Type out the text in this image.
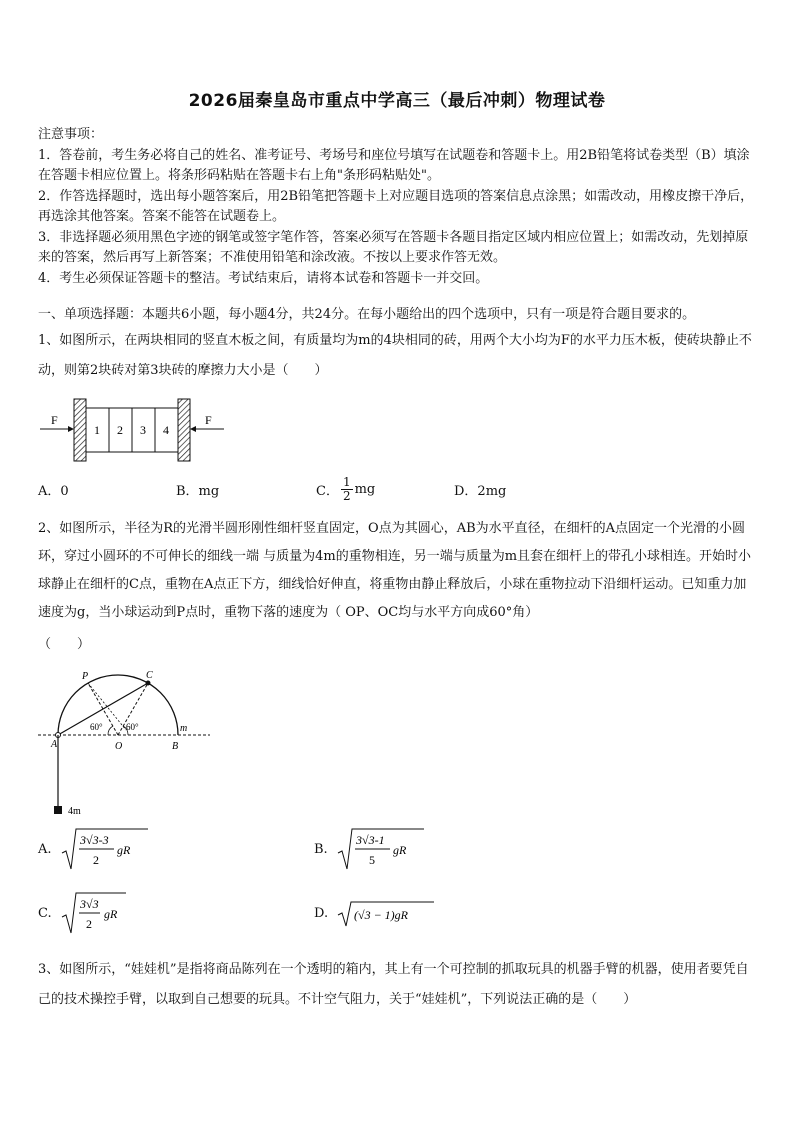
2026届秦皇岛市重点中学高三（最后冲刺）物理试卷

注意事项：

1．答卷前，考生务必将自己的姓名、准考证号、考场号和座位号填写在试题卷和答题卡上。用2B铅笔将试卷类型（B）填涂在答题卡相应位置上。将条形码粘贴在答题卡右上角"条形码粘贴处"。

2．作答选择题时，选出每小题答案后，用2B铅笔把答题卡上对应题目选项的答案信息点涂黑；如需改动，用橡皮擦干净后，再选涂其他答案。答案不能答在试题卷上。

3．非选择题必须用黑色字迹的钢笔或签字笔作答，答案必须写在答题卡各题目指定区域内相应位置上；如需改动，先划掉原来的答案，然后再写上新答案；不准使用铅笔和涂改液。不按以上要求作答无效。

4．考生必须保证答题卡的整洁。考试结束后，请将本试卷和答题卡一并交回。

一、单项选择题：本题共6小题，每小题4分，共24分。在每小题给出的四个选项中，只有一项是符合题目要求的。

1、如图所示，在两块相同的竖直木板之间，有质量均为m的4块相同的砖，用两个大小均为F的水平力压木板，使砖块静止不动，则第2块砖对第3块砖的摩擦力大小是（　　）

F
1 2 3 4
F
A．0	B．mg	C． $\frac{1}{2}$ mg	D．2mg

2、如图所示，半径为R的光滑半圆形刚性细杆竖直固定，O点为其圆心，AB为水平直径，在细杆的A点固定一个光滑的小圆环，穿过小圆环的不可伸长的细线一端 与质量为4m的重物相连，另一端与质量为m且套在细杆上的带孔小球相连。开始时小球静止在细杆的C点，重物在A点正下方，细线恰好伸直，将重物由静止释放后，小球在重物拉动下沿细杆运动。已知重力加速度为g，当小球运动到P点时，重物下落的速度为（ OP、OC均与水平方向成60°角）

（　　）

P	C
A	O	B
m
4m
60°	60°
A.
3√3-3
2
gR	B.
3√3-1
5
gR
C.
3√3
2
gR	D. (√3 − 1)gR

3、如图所示，“娃娃机”是指将商品陈列在一个透明的箱内，其上有一个可控制的抓取玩具的机器手臂的机器，使用者要凭自己的技术操控手臂，以取到自己想要的玩具。不计空气阻力，关于“娃娃机”，下列说法正确的是（　　）
